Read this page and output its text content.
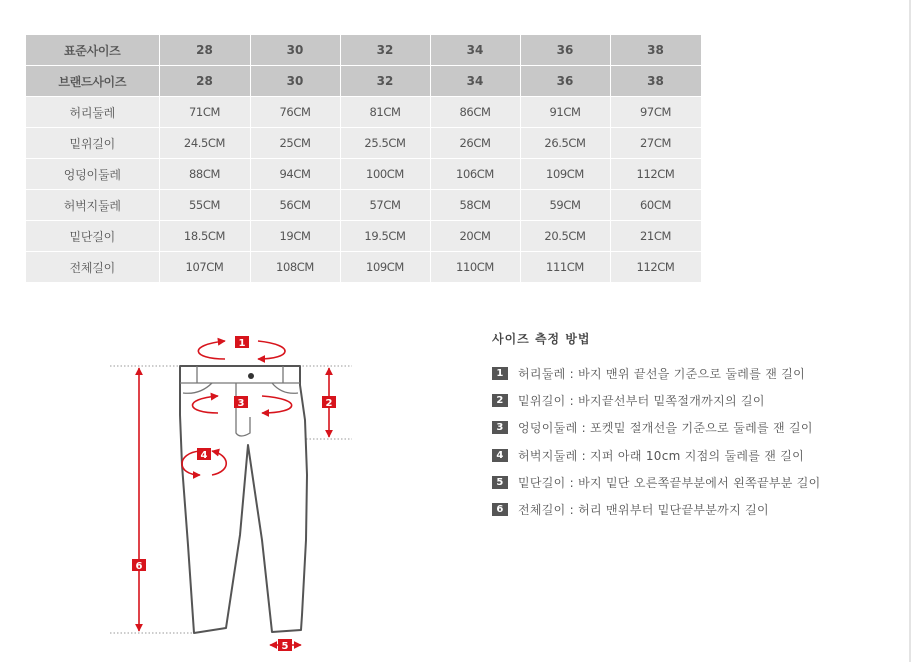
표준사이즈	28	30	32	34	36	38
브랜드사이즈	28	30	32	34	36	38
허리둘레	71CM	76CM	81CM	86CM	91CM	97CM
밑위길이	24.5CM	25CM	25.5CM	26CM	26.5CM	27CM
엉덩이둘레	88CM	94CM	100CM	106CM	109CM	112CM
허벅지둘레	55CM	56CM	57CM	58CM	59CM	60CM
밑단길이	18.5CM	19CM	19.5CM	20CM	20.5CM	21CM
전체길이	107CM	108CM	109CM	110CM	111CM	112CM
1
2
3
4
5
6
사이즈 측정 방법
1	허리둘레 : 바지 맨위 끝선을 기준으로 둘레를 잰 길이
2	밑위길이 : 바지끝선부터 밑쪽절개까지의 길이
3	엉덩이둘레 : 포켓밑 절개선을 기준으로 둘레를 잰 길이
4	허벅지둘레 : 지퍼 아래 10cm 지점의 둘레를 잰 길이
5	밑단길이 : 바지 밑단 오른쪽끝부분에서 왼쪽끝부분 길이
6	전체길이 : 허리 맨위부터 밑단끝부분까지 길이
